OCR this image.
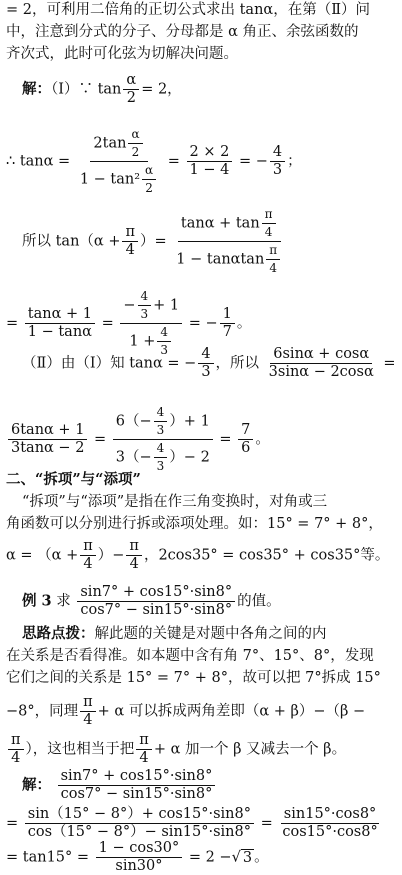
= 2，可利用二倍角的正切公式求出 tanα，在第（Ⅱ）问
中，注意到分式的分子、分母都是 α 角正、余弦函数的
齐次式，此时可化弦为切解决问题。
解：（Ⅰ）∵ $\tan \frac{\alpha}{2} = 2$，
∴ $\tan\alpha = \frac{2\tan \frac{\alpha}{2}}{1 - \tan^2 \frac{\alpha}{2}} = \frac{2 \times 2}{1 - 4}$ = − $\frac{4}{3}$ ；
所以 $\tan(\alpha + \frac{\pi}{4}$ ）= $\frac{\tan\alpha + \tan \frac{\pi}{4}}{1 - \tan\alpha\tan \frac{\pi}{4}}$
= $\frac{\tan\alpha + 1}{1 - \tan\alpha} = \frac{- \frac{4}{3} + 1}{1 + \frac{4}{3}}$ = − $\frac{1}{7}$ 。
（Ⅱ）由（Ⅰ）知 tanα = − $\frac{4}{3}$ ，所以 $\frac{6\sin\alpha + \cos\alpha}{3\sin\alpha - 2\cos\alpha}$ =
$\frac{6\tan\alpha + 1}{3\tan\alpha - 2} = \frac{6(- \frac{4}{3} )+ 1}{3(- \frac{4}{3} )- 2} = \frac{7}{6}$ 。
二、“拆项”与“添项”
“拆项”与“添项”是指在作三角变换时，对角或三
角函数可以分别进行拆或添项处理。如：15° = 7° + 8°，
$\alpha = (\alpha + \frac{\pi}{4}$ ）− $\frac{\pi}{4}$ ，2cos35° = cos35° + cos35°等。
例 3 求 $\frac{\sin 7^\circ + \cos 15^\circ\cdot\sin 8^\circ}{\cos 7^\circ - \sin 15^\circ\cdot\sin 8^\circ}$ 的值。
思路点拨：解此题的关键是对题中各角之间的内
在关系是否看得准。如本题中含有角 7°、15°、8°，发现
它们之间的关系是 15° = 7° + 8°，故可以把 7°拆成 15°
−8°，同理 $\frac{\pi}{4} + \alpha$ 可以拆成两角差即（α + β）−（β −
$\frac{\pi}{4}$ ），这也相当于把 $\frac{\pi}{4} + \alpha$ 加一个 β 又减去一个 β。
解： $\frac{\sin 7^\circ + \cos 15^\circ\cdot\sin 8^\circ}{\cos 7^\circ - \sin 15^\circ\cdot\sin 8^\circ}$
= $\frac{\sin(15^\circ - 8^\circ)+ \cos 15^\circ\cdot\sin 8^\circ}{\cos(15^\circ - 8^\circ)- \sin 15^\circ\cdot\sin 8^\circ} = \frac{\sin 15^\circ\cdot\cos 8^\circ}{\cos 15^\circ\cdot\cos 8^\circ}$
= $\tan 15^\circ = \frac{1 - \cos 30^\circ}{\sin 30^\circ} = 2$ −√ 3 。
